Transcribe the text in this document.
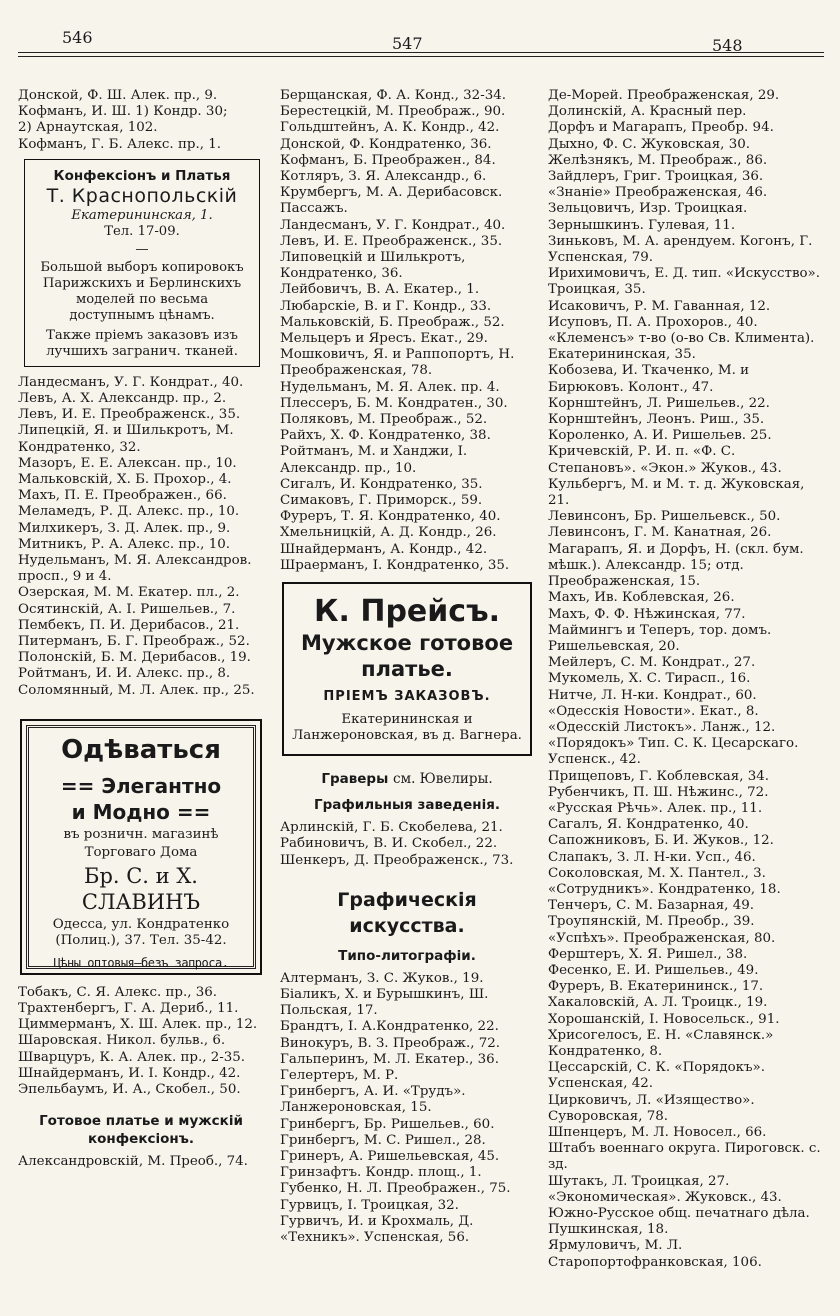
546	547	548
Донской, Ф. Ш. Алек. пр., 9.
Кофманъ, И. Ш. 1) Кондр. 30;
2) Арнаутская, 102.
Кофманъ, Г. Б. Алекс. пр., 1.
Конфексіонъ и Платья
Т. Краснопольскій
Екатерининская, 1.
Тел. 17-09.
—
Большой выборъ копировокъ Парижскихъ и Берлинскихъ моделей по весьма доступнымъ цѣнамъ.
Также пріемъ заказовъ изъ лучшихъ загранич. тканей.
Ландесманъ, У. Г. Кондрат., 40.
Левъ, А. Х. Александр. пр., 2.
Левъ, И. Е. Преображенск., 35.
Липецкій, Я. и Шилькротъ, М. Кондратенко, 32.
Мазоръ, Е. Е. Алексан. пр., 10.
Мальковскій, Х. Б. Прохор., 4.
Махъ, П. Е. Преображен., 66.
Меламедъ, Р. Д. Алекс. пр., 10.
Милхикеръ, З. Д. Алек. пр., 9.
Митникъ, Р. А. Алекс. пр., 10.
Нудельманъ, М. Я. Александров. просп., 9 и 4.
Озерская, М. М. Екатер. пл., 2.
Осятинскій, А. I. Ришельев., 7.
Пембекъ, П. И. Дерибасов., 21.
Питерманъ, Б. Г. Преображ., 52.
Полонскій, Б. М. Дерибасов., 19.
Ройтманъ, И. И. Алекс. пр., 8.
Соломянный, М. Л. Алек. пр., 25.
Одѣваться
== Элегантно
и Модно ==
въ розничн. магазинѣ
Торговаго Дома
Бр. С. и Х. СЛАВИНЪ
Одесса, ул. Кондратенко (Полиц.), 37. Тел. 35-42.
Цѣны оптовыя—безъ запроса.
Тобакъ, С. Я. Алекс. пр., 36.
Трахтенбергъ, Г. А. Дериб., 11.
Циммерманъ, Х. Ш. Алек. пр., 12.
Шаровская. Никол. бульв., 6.
Шварцуръ, К. А. Алек. пр., 2-35.
Шнайдерманъ, И. I. Кондр., 42.
Эпельбаумъ, И. А., Скобел., 50.
Готовое платье и мужскій конфексіонъ.
Александровскій, М. Преоб., 74.
Берщанская, Ф. А. Конд., 32-34.
Берестецкій, М. Преображ., 90.
Гольдштейнъ, А. К. Кондр., 42.
Донской, Ф. Кондратенко, 36.
Кофманъ, Б. Преображен., 84.
Котляръ, З. Я. Александр., 6.
Крумбергъ, М. А. Дерибасовск. Пассажъ.
Ландесманъ, У. Г. Кондрат., 40.
Левъ, И. Е. Преображенск., 35.
Липовецкій и Шилькротъ, Кондратенко, 36.
Лейбовичъ, В. А. Екатер., 1.
Любарскіе, В. и Г. Кондр., 33.
Мальковскій, Б. Преображ., 52.
Мельцеръ и Яресъ. Екат., 29.
Мошковичъ, Я. и Раппопортъ, Н. Преображенская, 78.
Нудельманъ, М. Я. Алек. пр. 4.
Плессеръ, Б. М. Кондратен., 30.
Поляковъ, М. Преображ., 52.
Райхъ, Х. Ф. Кондратенко, 38.
Ройтманъ, М. и Ханджи, I. Александр. пр., 10.
Сигалъ, И. Кондратенко, 35.
Симаковъ, Г. Приморск., 59.
Фуреръ, Т. Я. Кондратенко, 40.
Хмельницкій, А. Д. Кондр., 26.
Шнайдерманъ, А. Кондр., 42.
Шраерманъ, I. Кондратенко, 35.
К. Прейсъ.
Мужское готовое платье.
ПРІЕМЪ ЗАКАЗОВЪ.
Екатерининская и Ланжероновская, въ д. Вагнера.
Граверы см. Ювелиры.
Графильныя заведенія.
Арлинскій, Г. Б. Скобелева, 21.
Рабиновичъ, В. И. Скобел., 22.
Шенкеръ, Д. Преображенск., 73.
Графическія искусства.
Типо-литографіи.
Алтерманъ, З. С. Жуков., 19.
Біаликъ, Х. и Бурышкинъ, Ш. Польская, 17.
Брандтъ, I. А.Кондратенко, 22.
Винокуръ, В. З. Преображ., 72.
Гальперинъ, М. Л. Екатер., 36.
Гелертеръ, М. Р.
Гринбергъ, А. И. «Трудъ». Ланжероновская, 15.
Гринбергъ, Бр. Ришельев., 60.
Гринбергъ, М. С. Ришел., 28.
Гринеръ, А. Ришельевская, 45.
Гринзафтъ. Кондр. площ., 1.
Губенко, Н. Л. Преображен., 75.
Гурвицъ, I. Троицкая, 32.
Гурвичъ, И. и Крохмаль, Д. «Техникъ». Успенская, 56.
Де-Морей. Преображенская, 29.
Долинскій, А. Красный пер.
Дорфъ и Магарапъ, Преобр. 94.
Дыхно, Ф. С. Жуковская, 30.
Желѣзнякъ, М. Преображ., 86.
Зайдлеръ, Григ. Троицкая, 36.
«Знаніе» Преображенская, 46.
Зельцовичъ, Изр. Троицкая.
Зернышкинъ. Гулевая, 11.
Зиньковъ, М. А. арендуем. Когонъ, Г. Успенская, 79.
Ирихимовичъ, Е. Д. тип. «Искусство». Троицкая, 35.
Исаковичъ, Р. М. Гаванная, 12.
Исуповъ, П. А. Прохоров., 40.
«Клеменсъ» т-во (о-во Св. Климента). Екатерининская, 35.
Кобозева, И. Ткаченко, М. и Бирюковъ. Колонт., 47.
Корнштейнъ, Л. Ришельев., 22.
Корнштейнъ, Леонъ. Риш., 35.
Короленко, А. И. Ришельев. 25.
Кричевскій, Р. И. п. «Ф. С. Степановъ». «Экон.» Жуков., 43.
Кульбергъ, М. и М. т. д. Жуковская, 21.
Левинсонъ, Бр. Ришельевск., 50.
Левинсонъ, Г. М. Канатная, 26.
Магарапъ, Я. и Дорфъ, Н. (скл. бум. мѣшк.). Александр. 15; отд. Преображенская, 15.
Махъ, Ив. Коблевская, 26.
Махъ, Ф. Ф. Нѣжинская, 77.
Маймингъ и Теперъ, тор. домъ. Ришельевская, 20.
Мейлеръ, С. М. Кондрат., 27.
Мукомель, Х. С. Тирасп., 16.
Нитче, Л. Н-ки. Кондрат., 60.
«Одесскія Новости». Екат., 8.
«Одесскій Листокъ». Ланж., 12.
«Порядокъ» Тип. С. К. Цесарскаго. Успенск., 42.
Прищеповъ, Г. Коблевская, 34.
Рубенчикъ, П. Ш. Нѣжинс., 72.
«Русская Рѣчь». Алек. пр., 11.
Сагалъ, Я. Кондратенко, 40.
Сапожниковъ, Б. И. Жуков., 12.
Слапакъ, З. Л. Н-ки. Усп., 46.
Соколовская, М. Х. Пантел., 3.
«Сотрудникъ». Кондратенко, 18.
Тенчеръ, С. М. Базарная, 49.
Троупянскій, М. Преобр., 39.
«Успѣхъ». Преображенская, 80.
Ферштеръ, Х. Я. Ришел., 38.
Фесенко, Е. И. Ришельев., 49.
Фуреръ, В. Екатерининск., 17.
Хакаловскій, А. Л. Троицк., 19.
Хорошанскій, I. Новосельск., 91.
Хрисогелосъ, Е. Н. «Славянск.» Кондратенко, 8.
Цессарскій, С. К. «Порядокъ». Успенская, 42.
Цирковичъ, Л. «Изящество». Суворовская, 78.
Шпенцеръ, М. Л. Новосел., 66.
Штабъ военнаго округа. Пироговск. с. зд.
Шутакъ, Л. Троицкая, 27.
«Экономическая». Жуковск., 43.
Южно-Русское общ. печатнаго дѣла. Пушкинская, 18.
Ярмуловичъ, М. Л. Старопортофранковская, 106.
